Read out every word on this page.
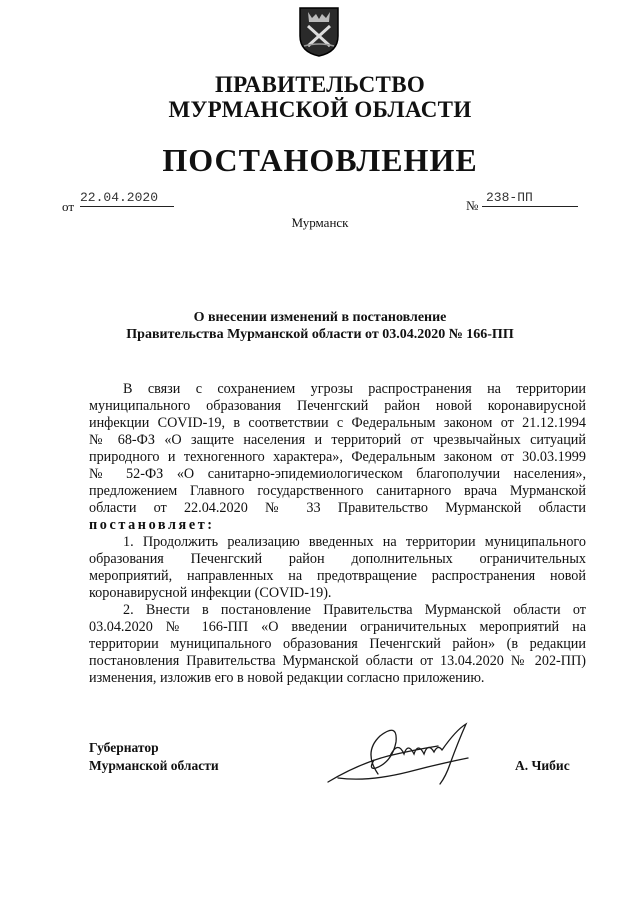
ПРАВИТЕЛЬСТВО
МУРМАНСКОЙ ОБЛАСТИ
ПОСТАНОВЛЕНИЕ
от
22.04.2020
№
238-ПП
Мурманск
О внесении изменений в постановление
Правительства Мурманской области от 03.04.2020 № 166-ПП
В связи с сохранением угрозы распространения на территории
муниципального образования Печенгский район новой коронавирусной
инфекции COVID-19, в соответствии с Федеральным законом от 21.12.1994
№ 68-ФЗ «О защите населения и территорий от чрезвычайных ситуаций
природного и техногенного характера», Федеральным законом от 30.03.1999
№ 52-ФЗ «О санитарно-эпидемиологическом благополучии населения»,
предложением Главного государственного санитарного врача Мурманской
области от 22.04.2020 № 33 Правительство Мурманской области
постановляет:
1. Продолжить реализацию введенных на территории муниципального
образования Печенгский район дополнительных ограничительных
мероприятий, направленных на предотвращение распространения новой
коронавирусной инфекции (COVID-19).
2. Внести в постановление Правительства Мурманской области от
03.04.2020 № 166-ПП «О введении ограничительных мероприятий на
территории муниципального образования Печенгский район» (в редакции
постановления Правительства Мурманской области от 13.04.2020 № 202-ПП)
изменения, изложив его в новой редакции согласно приложению.
Губернатор
Мурманской области	А. Чибис
